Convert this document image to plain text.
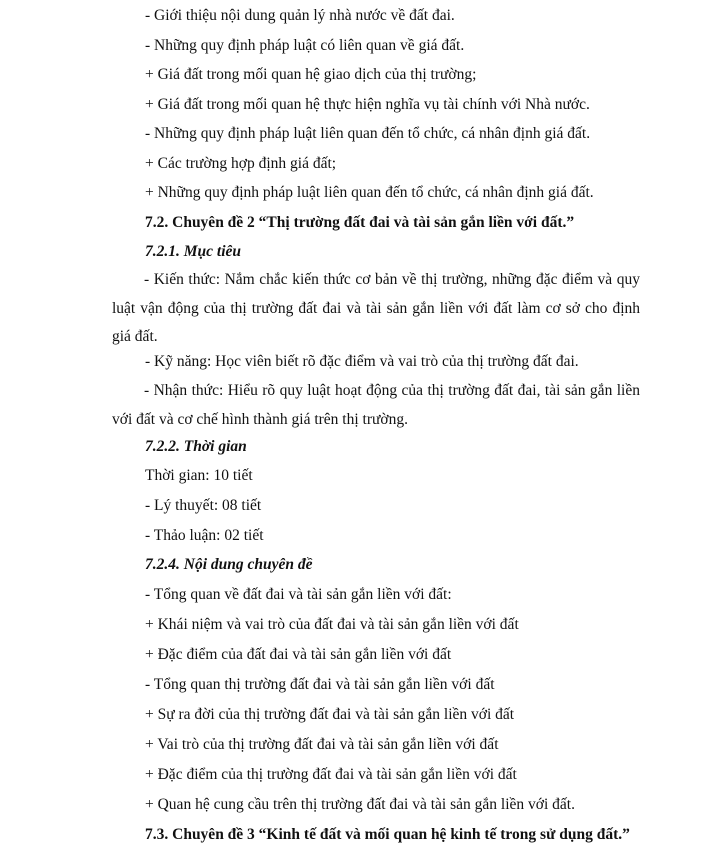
- Giới thiệu nội dung quản lý nhà nước về đất đai.
- Những quy định pháp luật có liên quan về giá đất.
+ Giá đất trong mối quan hệ giao dịch của thị trường;
+ Giá đất trong mối quan hệ thực hiện nghĩa vụ tài chính với Nhà nước.
- Những quy định pháp luật liên quan đến tổ chức, cá nhân định giá đất.
+ Các trường hợp định giá đất;
+ Những quy định pháp luật liên quan đến tổ chức, cá nhân định giá đất.
7.2. Chuyên đề 2 “Thị trường đất đai và tài sản gắn liền với đất.”
7.2.1. Mục tiêu
- Kiến thức: Nắm chắc kiến thức cơ bản về thị trường, những đặc điểm và quy luật vận động của thị trường đất đai và tài sản gắn liền với đất làm cơ sở cho định giá đất.
- Kỹ năng: Học viên biết rõ đặc điểm và vai trò của thị trường đất đai.
- Nhận thức: Hiểu rõ quy luật hoạt động của thị trường đất đai, tài sản gắn liền với đất và cơ chế hình thành giá trên thị trường.
7.2.2. Thời gian
Thời gian: 10 tiết
- Lý thuyết: 08 tiết
- Thảo luận: 02 tiết
7.2.4. Nội dung chuyên đề
- Tổng quan về đất đai và tài sản gắn liền với đất:
+ Khái niệm và vai trò của đất đai và tài sản gắn liền với đất
+ Đặc điểm của đất đai và tài sản gắn liền với đất
- Tổng quan thị trường đất đai và tài sản gắn liền với đất
+ Sự ra đời của thị trường đất đai và tài sản gắn liền với đất
+ Vai trò của thị trường đất đai và tài sản gắn liền với đất
+ Đặc điểm của thị trường đất đai và tài sản gắn liền với đất
+ Quan hệ cung cầu trên thị trường đất đai và tài sản gắn liền với đất.
7.3. Chuyên đề 3 “Kinh tế đất và mối quan hệ kinh tế trong sử dụng đất.”
